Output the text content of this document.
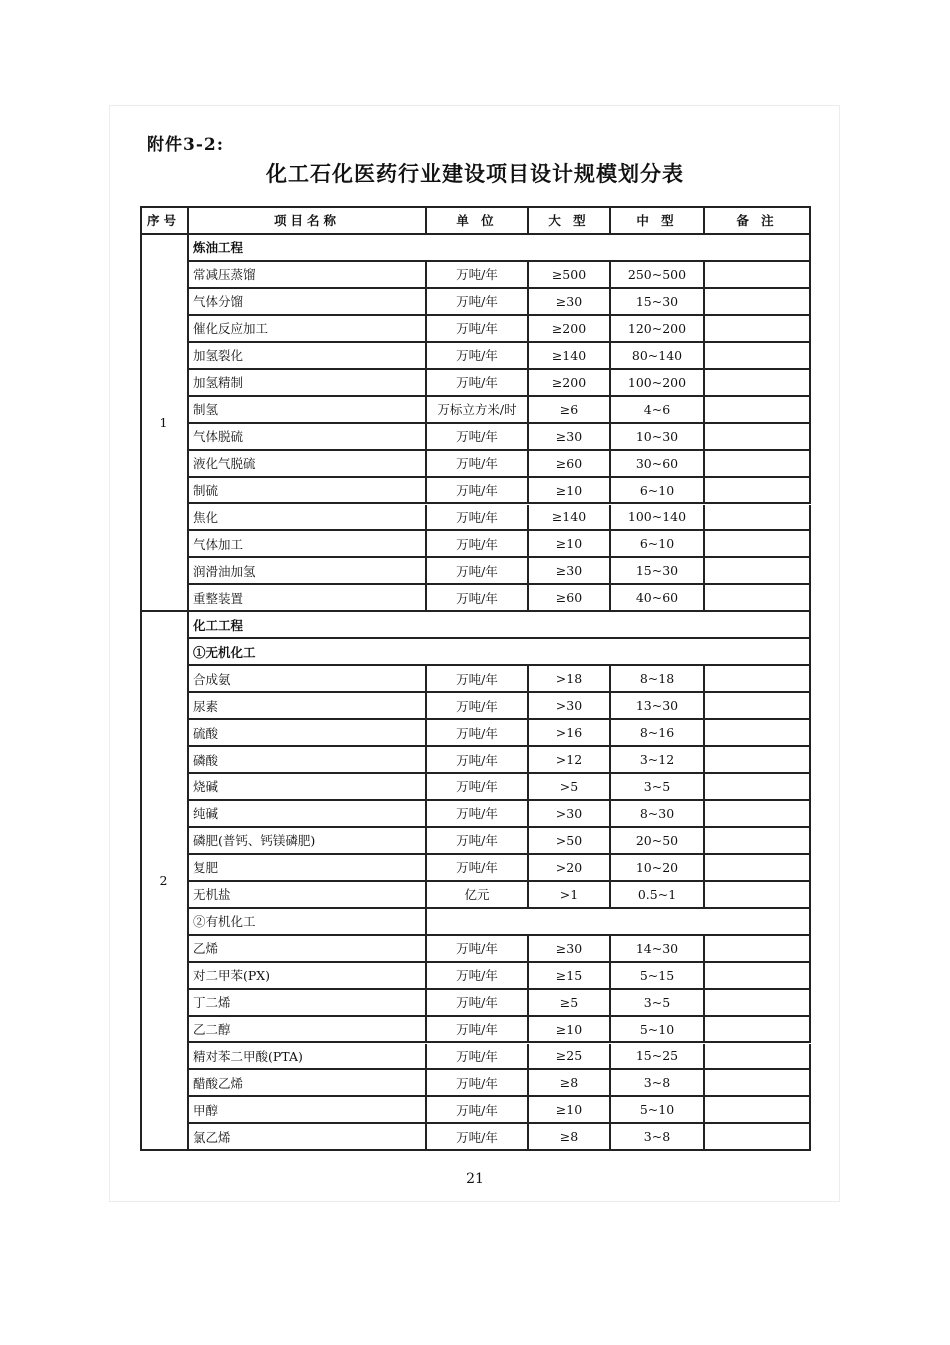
附件3-2:
化工石化医药行业建设项目设计规模划分表
序号	项目名称	单 位	大 型	中 型	备 注
1
炼油工程
常减压蒸馏	万吨/年	≥500	250~500
气体分馏	万吨/年	≥30	15~30
催化反应加工	万吨/年	≥200	120~200
加氢裂化	万吨/年	≥140	80~140
加氢精制	万吨/年	≥200	100~200
制氢	万标立方米/时	≥6	4~6
气体脱硫	万吨/年	≥30	10~30
液化气脱硫	万吨/年	≥60	30~60
制硫	万吨/年	≥10	6~10
焦化	万吨/年	≥140	100~140
气体加工	万吨/年	≥10	6~10
润滑油加氢	万吨/年	≥30	15~30
重整装置	万吨/年	≥60	40~60
2
化工工程
①无机化工
合成氨	万吨/年	>18	8~18
尿素	万吨/年	>30	13~30
硫酸	万吨/年	>16	8~16
磷酸	万吨/年	>12	3~12
烧碱	万吨/年	>5	3~5
纯碱	万吨/年	>30	8~30
磷肥(普钙、钙镁磷肥)	万吨/年	>50	20~50
复肥	万吨/年	>20	10~20
无机盐	亿元	>1	0.5~1
②有机化工
乙烯	万吨/年	≥30	14~30
对二甲苯(PX)	万吨/年	≥15	5~15
丁二烯	万吨/年	≥5	3~5
乙二醇	万吨/年	≥10	5~10
精对苯二甲酸(PTA)	万吨/年	≥25	15~25
醋酸乙烯	万吨/年	≥8	3~8
甲醇	万吨/年	≥10	5~10
氯乙烯	万吨/年	≥8	3~8
21
